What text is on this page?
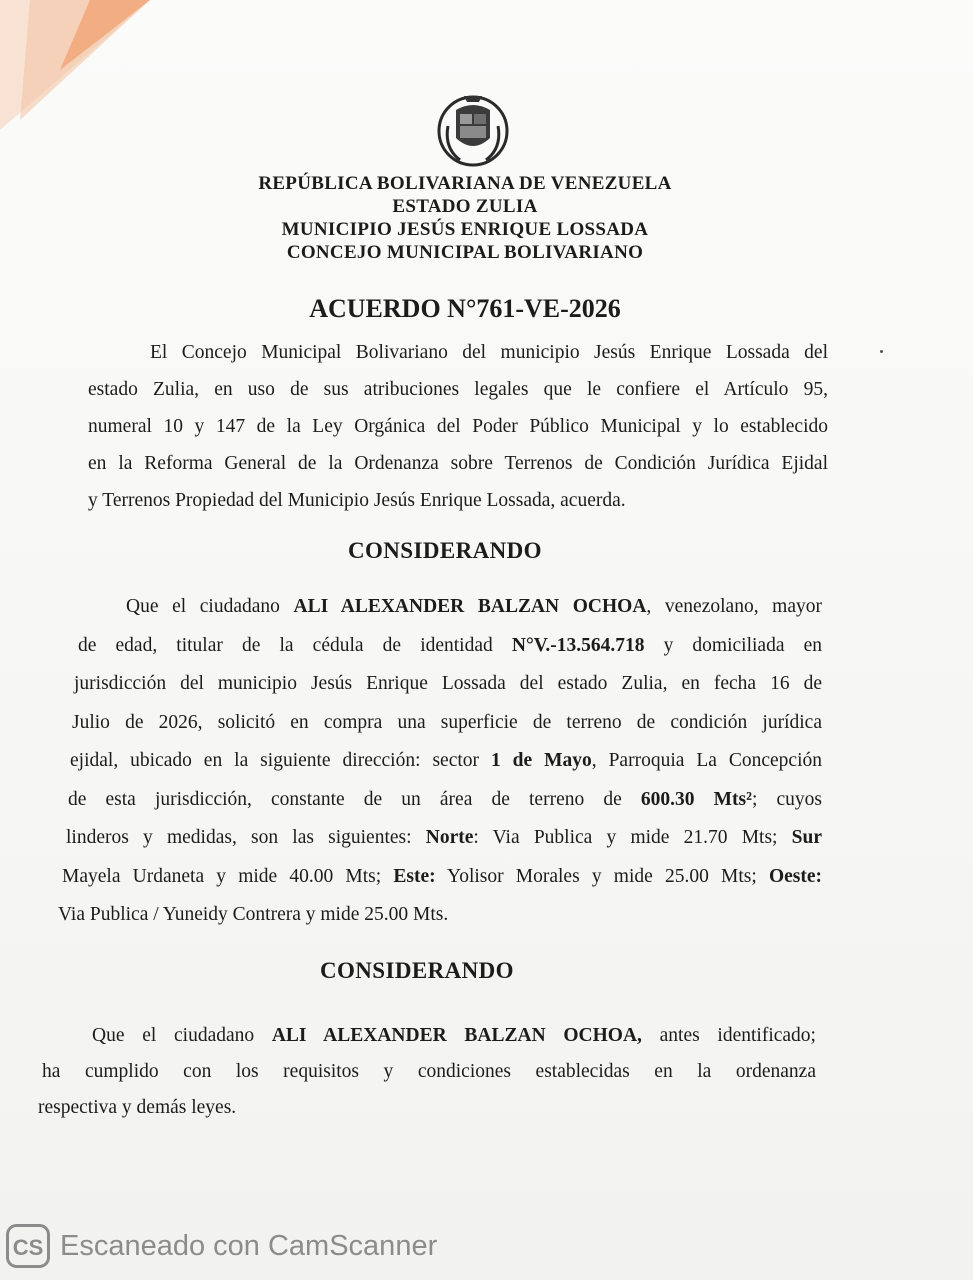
REPÚBLICA BOLIVARIANA DE VENEZUELA
ESTADO ZULIA
MUNICIPIO JESÚS ENRIQUE LOSSADA
CONCEJO MUNICIPAL BOLIVARIANO
ACUERDO N°761-VE-2026
El Concejo Municipal Bolivariano del municipio Jesús Enrique Lossada del
estado Zulia, en uso de sus atribuciones legales que le confiere el Artículo 95,
numeral 10 y 147 de la Ley Orgánica del Poder Público Municipal y lo establecido
en la Reforma General de la Ordenanza sobre Terrenos de Condición Jurídica Ejidal
y Terrenos Propiedad del Municipio Jesús Enrique Lossada, acuerda.
CONSIDERANDO
Que el ciudadano ALI ALEXANDER BALZAN OCHOA, venezolano, mayor
de edad, titular de la cédula de identidad N°V.-13.564.718 y domiciliada en
jurisdicción del municipio Jesús Enrique Lossada del estado Zulia, en fecha 16 de
Julio de 2026, solicitó en compra una superficie de terreno de condición jurídica
ejidal, ubicado en la siguiente dirección: sector 1 de Mayo, Parroquia La Concepción
de esta jurisdicción, constante de un área de terreno de 600.30 Mts²; cuyos
linderos y medidas, son las siguientes: Norte: Via Publica y mide 21.70 Mts; Sur
Mayela Urdaneta y mide 40.00 Mts; Este: Yolisor Morales y mide 25.00 Mts; Oeste:
Via Publica / Yuneidy Contrera y mide 25.00 Mts.
CONSIDERANDO
Que el ciudadano ALI ALEXANDER BALZAN OCHOA, antes identificado;
ha cumplido con los requisitos y condiciones establecidas en la ordenanza
respectiva y demás leyes.
CS Escaneado con CamScanner
